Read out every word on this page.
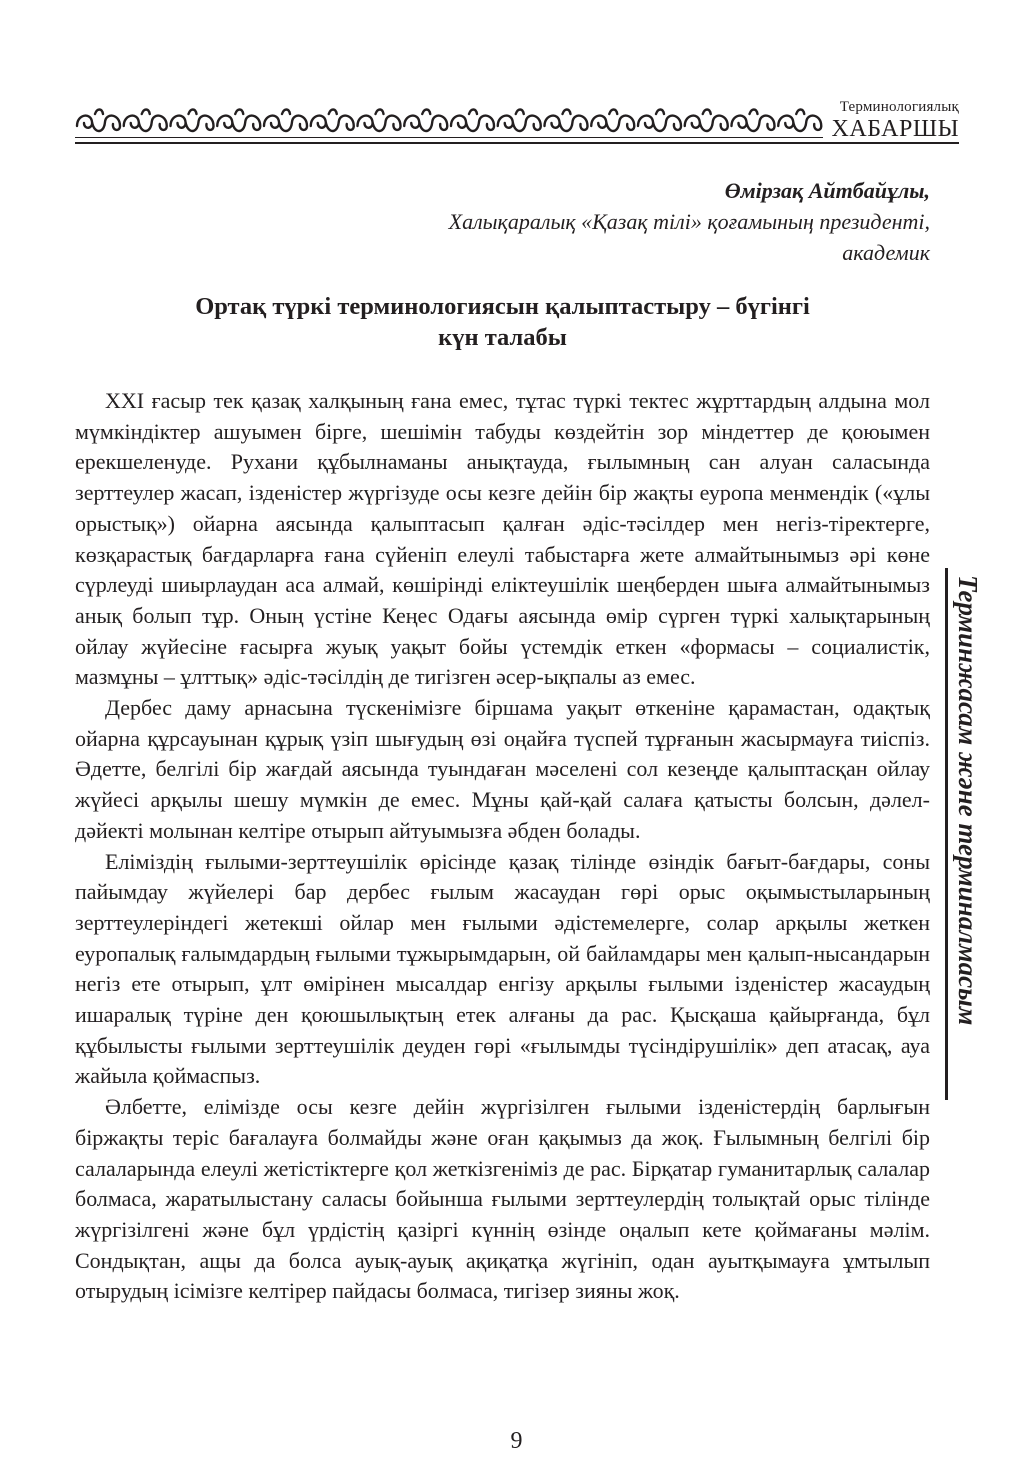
Терминологиялық
ХАБАРШЫ
Өмірзақ Айтбайұлы,
Халықаралық «Қазақ тілі» қоғамының президенті,
академик
Ортақ түркі терминологиясын қалыптастыру – бүгінгі
күн талабы

XXI ғасыр тек қазақ халқының ғана емес, тұтас түркі тектес жұрттардың алдына мол мүмкіндіктер ашуымен бірге, шешімін табуды көздейтін зор міндеттер де қоюымен ерекшеленуде. Рухани құбылнаманы анықтауда, ғылымның сан алуан саласында зерттеулер жасап, ізденістер жүргізуде осы кезге дейін бір жақты еуропа менмендік («ұлы орыстық») ойарна аясында қалыптасып қалған әдіс-тәсілдер мен негіз-тіректерге, көзқарастық бағдарларға ғана сүйеніп елеулі табыстарға жете алмайтынымыз әрі көне сүрлеуді шиырлаудан аса алмай, көшірінді еліктеушілік шеңберден шыға алмайтынымыз анық болып тұр. Оның үстіне Кеңес Одағы аясында өмір сүрген түркі халықтарының ойлау жүйесіне ғасырға жуық уақыт бойы үстемдік еткен «формасы – социалистік, мазмұны – ұлттық» әдіс-тәсілдің де тигізген әсер-ықпалы аз емес.

Дербес даму арнасына түскенімізге біршама уақыт өткеніне қарамастан, одақтық ойарна құрсауынан құрық үзіп шығудың өзі оңайға түспей тұрғанын жасырмауға тиіспіз. Әдетте, белгілі бір жағдай аясында туындаған мәселені сол кезеңде қалыптасқан ойлау жүйесі арқылы шешу мүмкін де емес. Мұны қай-қай салаға қатысты болсын, дәлел-дәйекті молынан келтіре отырып айтуымызға әбден болады.

Еліміздің ғылыми-зерттеушілік өрісінде қазақ тілінде өзіндік бағыт-бағдары, соны пайымдау жүйелері бар дербес ғылым жасаудан гөрі орыс оқымыстыларының зерттеулеріндегі жетекші ойлар мен ғылыми әдістемелерге, солар арқылы жеткен еуропалық ғалымдардың ғылыми тұжырымдарын, ой байламдары мен қалып-нысандарын негіз ете отырып, ұлт өмірінен мысалдар енгізу арқылы ғылыми ізденістер жасаудың ишаралық түріне ден қоюшылықтың етек алғаны да рас. Қысқаша қайырғанда, бұл құбылысты ғылыми зерттеушілік деуден гөрі «ғылымды түсіндірушілік» деп атасақ, ауа жайыла қоймаспыз.

Әлбетте, елімізде осы кезге дейін жүргізілген ғылыми ізденістердің барлығын біржақты теріс бағалауға болмайды және оған қақымыз да жоқ. Ғылымның белгілі бір салаларында елеулі жетістіктерге қол жеткізгеніміз де рас. Бірқатар гуманитарлық салалар болмаса, жаратылыстану саласы бойынша ғылыми зерттеулердің толықтай орыс тілінде жүргізілгені және бұл үрдістің қазіргі күннің өзінде оңалып кете қоймағаны мәлім. Сондықтан, ащы да болса ауық-ауық ақиқатқа жүгініп, одан ауытқымауға ұмтылып отырудың ісімізге келтірер пайдасы болмаса, тигізер зияны жоқ.

Терминжасам және терминалмасым
9
